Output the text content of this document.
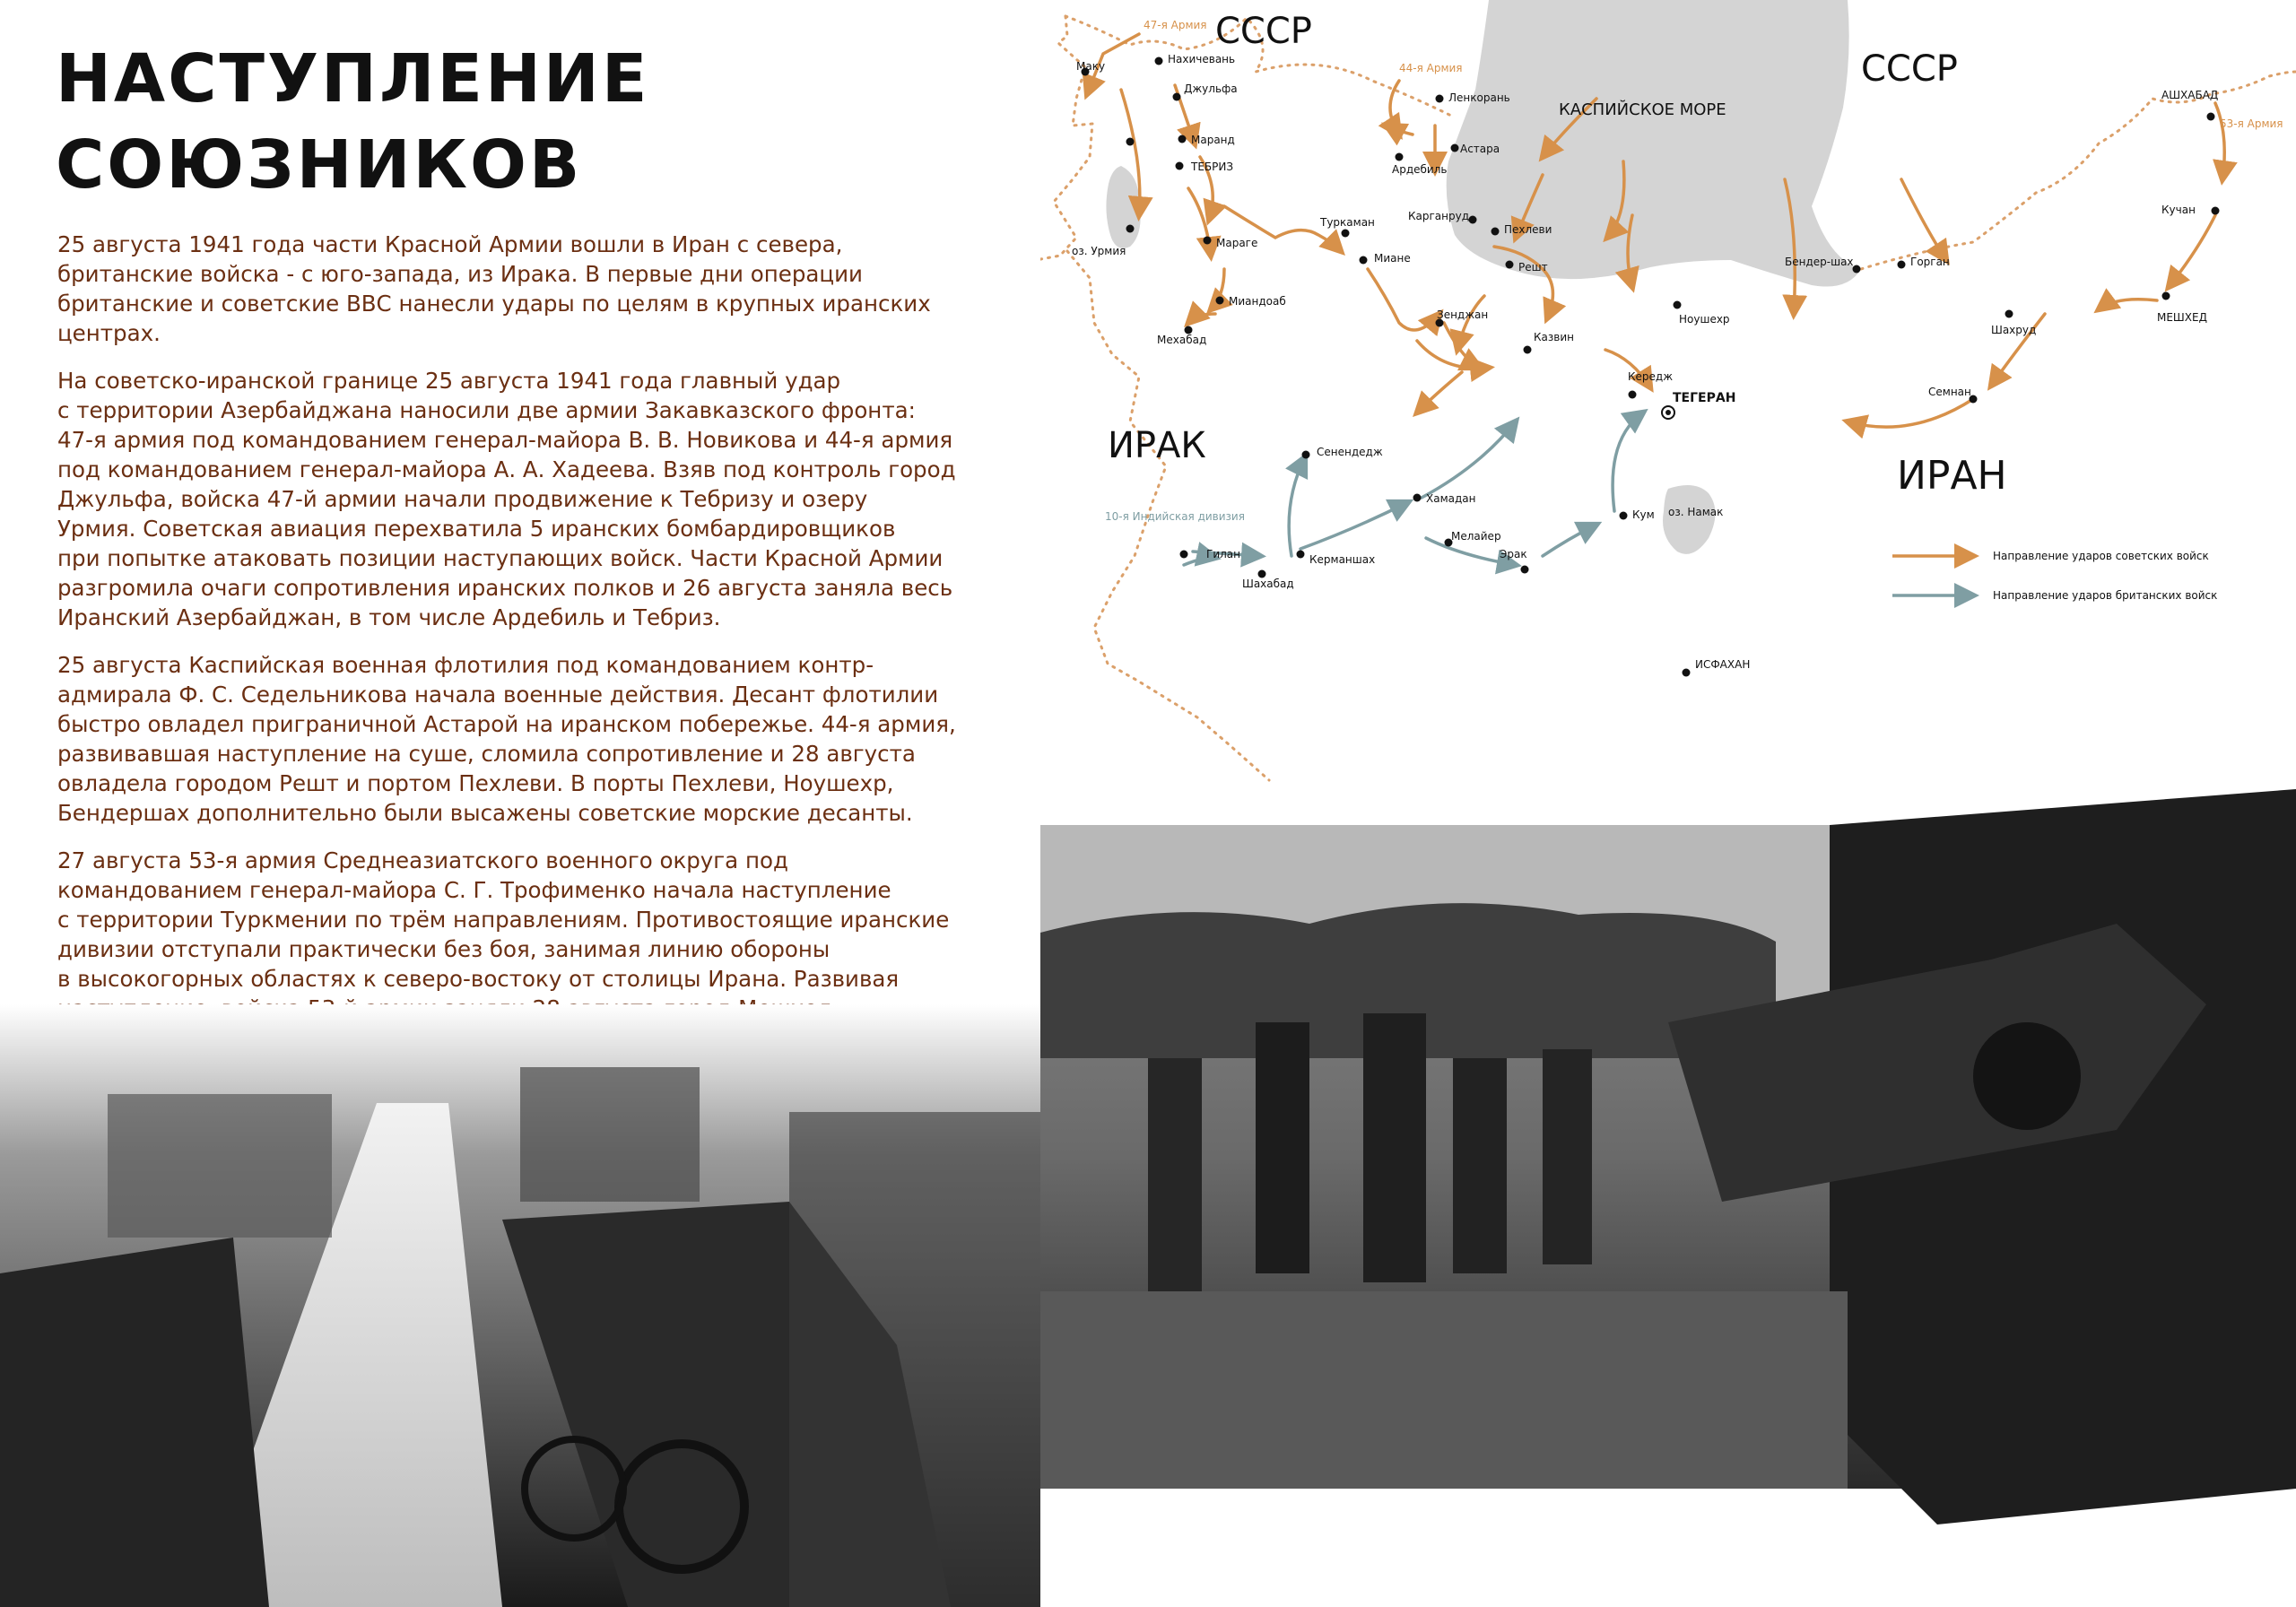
НАСТУПЛЕНИЕ
СОЮЗНИКОВ

25 августа 1941 года части Красной Армии вошли в Иран с севера,
британские войска - с юго-запада, из Ирака. В первые дни операции
британские и советские ВВС нанесли удары по целям в крупных иранских
центрах.

На советско-иранской границе 25 августа 1941 года главный удар
с территории Азербайджана наносили две армии Закавказского фронта:
47-я армия под командованием генерал-майора В. В. Новикова и 44-я армия
под командованием генерал-майора А. А. Хадеева. Взяв под контроль город
Джульфа, войска 47-й армии начали продвижение к Тебризу и озеру
Урмия. Советская авиация перехватила 5 иранских бомбардировщиков
при попытке атаковать позиции наступающих войск. Части Красной Армии
разгромила очаги сопротивления иранских полков и 26 августа заняла весь
Иранский Азербайджан, в том числе Ардебиль и Тебриз.

25 августа Каспийская военная флотилия под командованием контр-
адмирала Ф. С. Седельникова начала военные действия. Десант флотилии
быстро овладел приграничной Астарой на иранском побережье. 44-я армия,
развивавшая наступление на суше, сломила сопротивление и 28 августа
овладела городом Решт и портом Пехлеви. В порты Пехлеви, Ноушехр,
Бендершах дополнительно были высажены советские морские десанты.

27 августа 53-я армия Среднеазиатского военного округа под
командованием генерал-майора С. Г. Трофименко начала наступление
с территории Туркмении по трём направлениям. Противостоящие иранские
дивизии отступали практически без боя, занимая линию обороны
в высокогорных областях к северо-востоку от столицы Ирана. Развивая

СССР
СССР
ИРАК
ИРАН
КАСПИЙСКОЕ МОРЕ
оз. Урмия
оз. Намак
47-я Армия
44-я Армия
53-я Армия
10-я Индийская дивизия
Маку
Нахичевань
Джульфа
Маранд
ТЕБРИЗ
Мараге
Миандоаб
Мехабад
Туркаман
Миане
Зенджан
Ленкорань
Астара
Ардебиль
Карганруд
Пехлеви
Решт
Казвин
Кередж
ТЕГЕРАН
Ноушехр
Бендер-шах	Горган
АШХАБАД
Кучан
МЕШХЕД
Шахруд
Семнан
Сенендедж
Гилан
Шахабад
Керманшах
Хамадан
Мелайер
Эрак
Кум
ИСФАХАН
Направление ударов советских войск
Направление ударов британских войск
